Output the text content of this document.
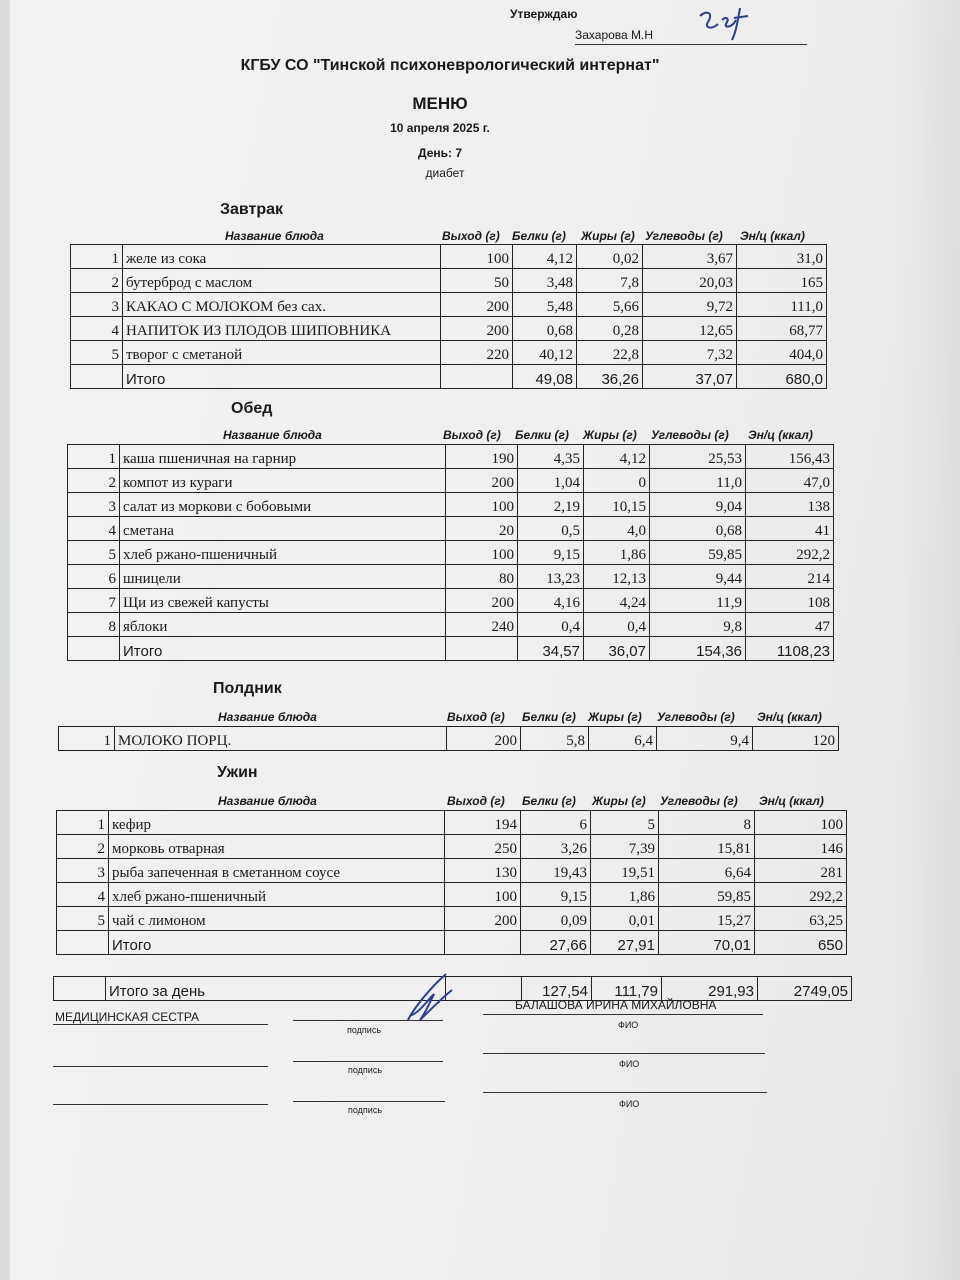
Утверждаю
Захарова М.Н
КГБУ СО "Тинской психоневрологический интернат"
МЕНЮ
10 апреля 2025 г.
День: 7
диабет
Завтрак
Название блюда	Выход (г) Белки (г) Жиры (г) Углеводы (г) Эн/ц (ккал)
1	желе из сока	100	4,12	0,02	3,67	31,0
2	бутерброд с маслом	50	3,48	7,8	20,03	165
3	КАКАО С МОЛОКОМ без сах.	200	5,48	5,66	9,72	111,0
4	НАПИТОК ИЗ ПЛОДОВ ШИПОВНИКА	200	0,68	0,28	12,65	68,77
5	творог с сметаной	220	40,12	22,8	7,32	404,0
	Итого		49,08	36,26	37,07	680,0
Обед
Название блюда	Выход (г) Белки (г) Жиры (г) Углеводы (г) Эн/ц (ккал)
1	каша пшеничная на гарнир	190	4,35	4,12	25,53	156,43
2	компот из кураги	200	1,04	0	11,0	47,0
3	салат из моркови с бобовыми	100	2,19	10,15	9,04	138
4	сметана	20	0,5	4,0	0,68	41
5	хлеб ржано-пшеничный	100	9,15	1,86	59,85	292,2
6	шницели	80	13,23	12,13	9,44	214
7	Щи из свежей капусты	200	4,16	4,24	11,9	108
8	яблоки	240	0,4	0,4	9,8	47
	Итого		34,57	36,07	154,36	1108,23
Полдник
Название блюда	Выход (г) Белки (г) Жиры (г) Углеводы (г) Эн/ц (ккал)
1	МОЛОКО ПОРЦ.	200	5,8	6,4	9,4	120
Ужин
Название блюда	Выход (г) Белки (г) Жиры (г) Углеводы (г) Эн/ц (ккал)
1	кефир	194	6	5	8	100
2	морковь отварная	250	3,26	7,39	15,81	146
3	рыба запеченная в сметанном соусе	130	19,43	19,51	6,64	281
4	хлеб ржано-пшеничный	100	9,15	1,86	59,85	292,2
5	чай с лимоном	200	0,09	0,01	15,27	63,25
	Итого		27,66	27,91	70,01	650
	Итого за день		127,54	111,79	291,93	2749,05
МЕДИЦИНСКАЯ СЕСТРА
БАЛАШОВА ИРИНА МИХАЙЛОВНА
подпись	ФИО
подпись
ФИО
подпись
ФИО
